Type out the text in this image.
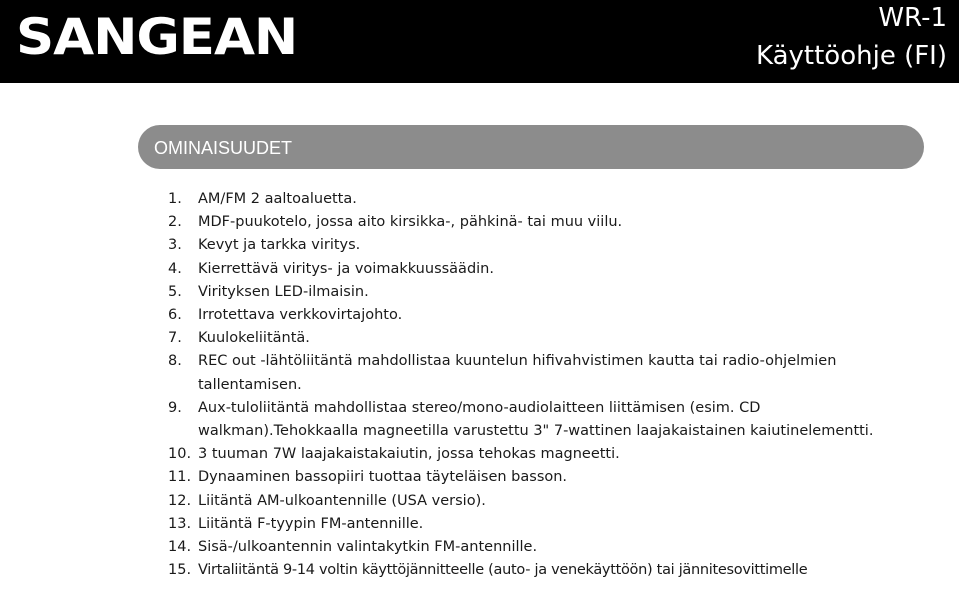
SANGEAN	WR-1
Käyttöohje (FI)
OMINAISUUDET
1. AM/FM 2 aaltoaluetta.
2. MDF-puukotelo, jossa aito kirsikka-, pähkinä- tai muu viilu.
3. Kevyt ja tarkka viritys.
4. Kierrettävä viritys- ja voimakkuussäädin.
5. Virityksen LED-ilmaisin.
6. Irrotettava verkkovirtajohto.
7. Kuulokeliitäntä.
8. REC out -lähtöliitäntä mahdollistaa kuuntelun hifivahvistimen kautta tai radio-ohjelmien tallentamisen.
9. Aux-tuloliitäntä mahdollistaa stereo/mono-audiolaitteen liittämisen (esim. CD walkman).Tehokkaalla magneetilla varustettu 3" 7-wattinen laajakaistainen kaiutinelementti.
10. 3 tuuman 7W laajakaistakaiutin, jossa tehokas magneetti.
11. Dynaaminen bassopiiri tuottaa täyteläisen basson.
12. Liitäntä AM-ulkoantennille (USA versio).
13. Liitäntä F-tyypin FM-antennille.
14. Sisä-/ulkoantennin valintakytkin FM-antennille.
15. Virtaliitäntä 9-14 voltin käyttöjännitteelle (auto- ja venekäyttöön) tai jännitesovittimelle
